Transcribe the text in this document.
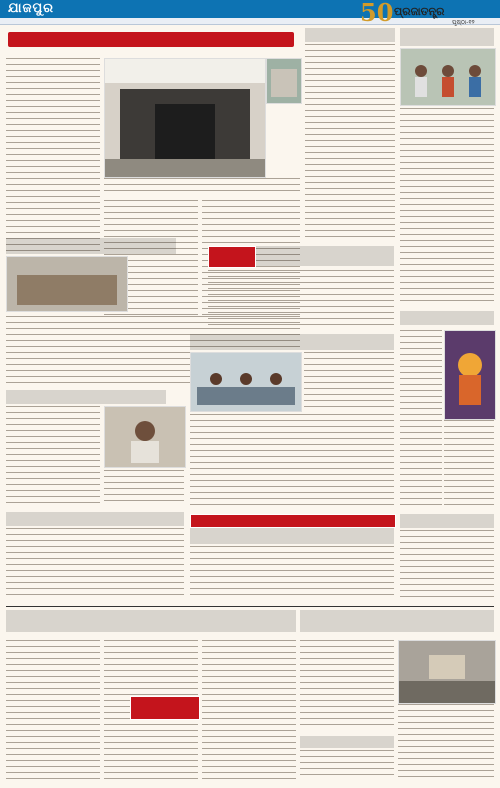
ଯାଜପୁର	50 ପ୍ରଜାତନ୍ତ୍ର
ପୃଷ୍ଠା-୧୨
